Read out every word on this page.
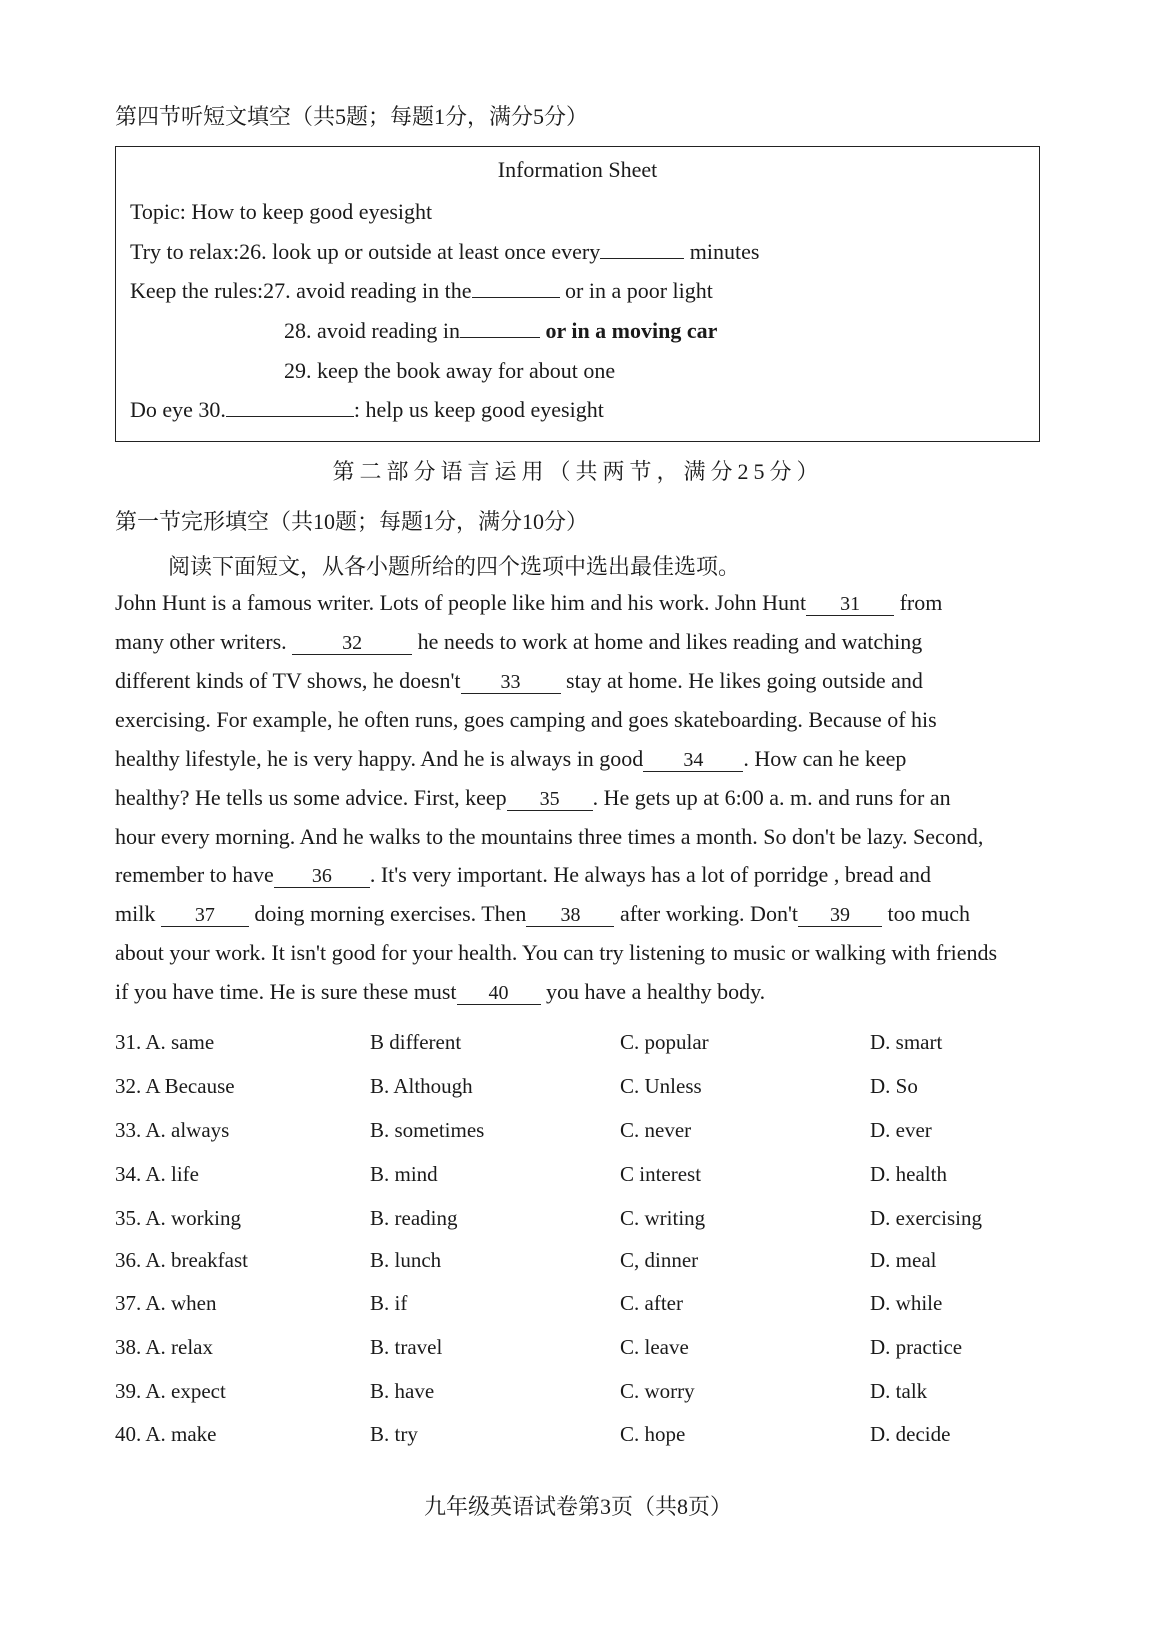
第四节听短文填空（共5题；每题1分，满分5分）
Information Sheet
Topic: How to keep good eyesight
Try to relax:26. look up or outside at least once every	minutes
Keep the rules:27. avoid reading in the	or in a poor light
28. avoid reading in	or in a moving car
29. keep the book away for about one
Do eye 30.	: help us keep good eyesight
第二部分语言运用（共两节，满分25分）
第一节完形填空（共10题；每题1分，满分10分）
阅读下面短文，从各小题所给的四个选项中选出最佳选项。
John Hunt is a famous writer. Lots of people like him and his work. John Hunt 31 from
many other writers.	32	he needs to work at home and likes reading and watching
different kinds of TV shows, he doesn't 33 stay at home. He likes going outside and
exercising. For example, he often runs, goes camping and goes skateboarding. Because of his
healthy lifestyle, he is very happy. And he is always in good 34 . How can he keep
healthy? He tells us some advice. First, keep 35 . He gets up at 6:00 a. m. and runs for an
hour every morning. And he walks to the mountains three times a month. So don't be lazy. Second,
remember to have 36 . It's very important. He always has a lot of porridge , bread and
milk 37 doing morning exercises. Then 38 after working. Don't 39 too much
about your work. It isn't good for your health. You can try listening to music or walking with friends
if you have time. He is sure these must 40 you have a healthy body.
31. A. same	B different	C. popular	D. smart
32. A Because	B. Although	C. Unless	D. So
33. A. always	B. sometimes	C. never	D. ever
34. A. life	B. mind	C interest	D. health
35. A. working	B. reading	C. writing	D. exercising
36. A. breakfast	B. lunch	C, dinner	D. meal
37. A. when	B. if	C. after	D. while
38. A. relax	B. travel	C. leave	D. practice
39. A. expect	B. have	C. worry	D. talk
40. A. make	B. try	C. hope	D. decide
九年级英语试卷第3页（共8页）
